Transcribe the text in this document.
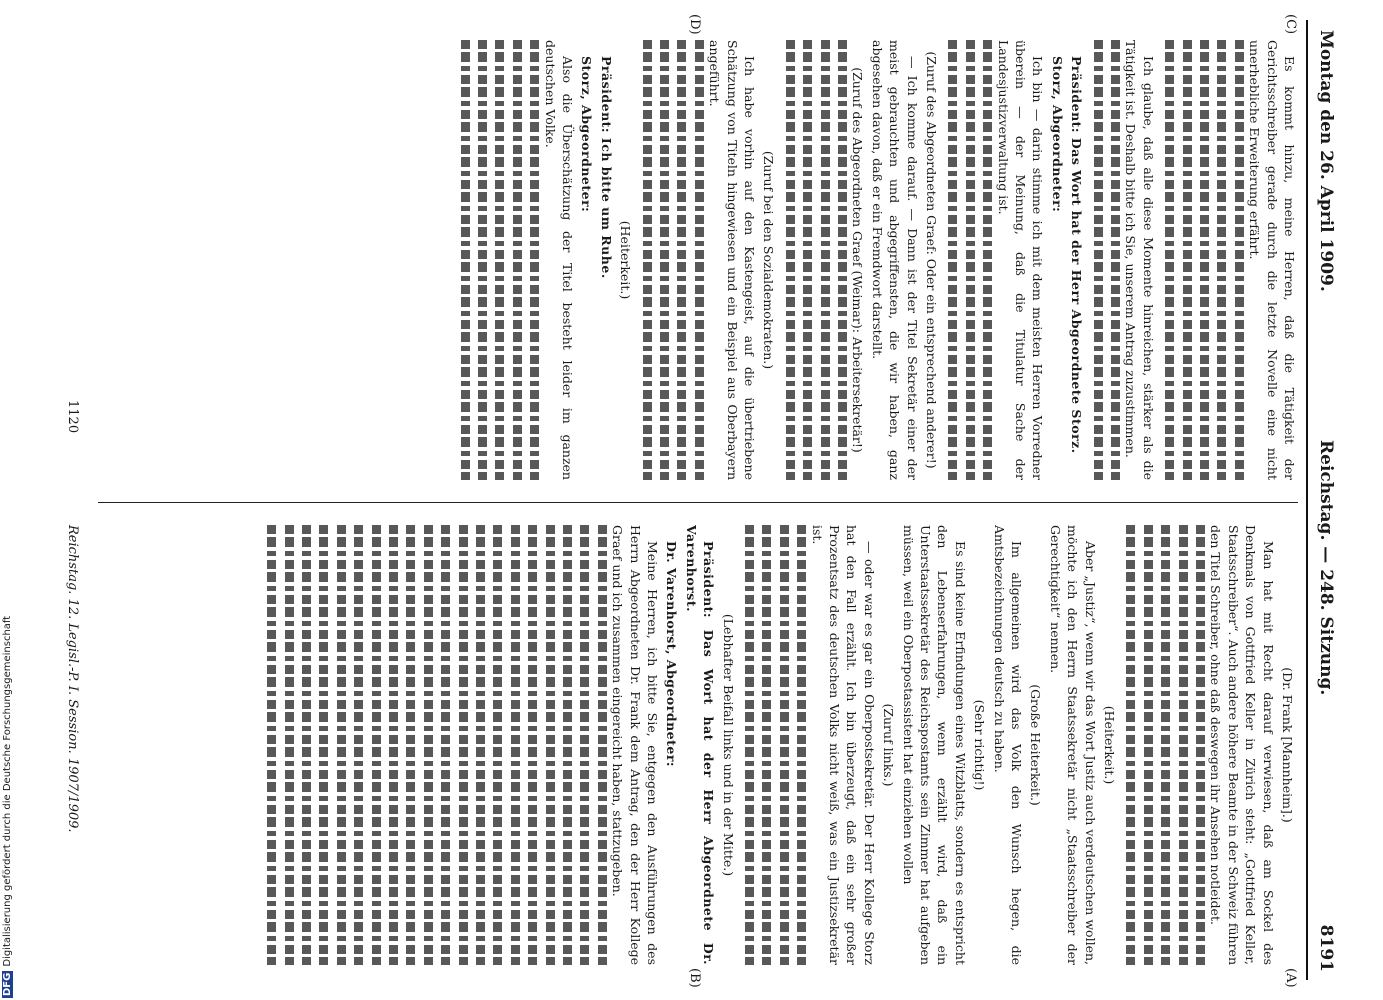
Montag den 26. April 1909.
Reichstag. — 248. Sitzung.
8191
(A)
(B)
(C)
(D)

(Dr. Frank [Mannheim].)

Man hat mit Recht darauf verwiesen, daß am Sockel des Denkmals von Gottfried Keller in Zürich steht: „Gottfried Keller, Staatsschreiber“. Auch andere höhere Beamte in der Schweiz führen den Titel Schreiber, ohne daß deswegen ihr Ansehen notleidet.

(Heiterkeit.)

Aber „Justiz“, wenn wir das Wort Justiz auch verdeutschen wollen, möchte ich den Herrn Staatssekretär nicht „Staatsschreiber der Gerechtigkeit“ nennen.

(Große Heiterkeit.)

Im allgemeinen wird das Volk den Wunsch hegen, die Amtsbezeichnungen deutsch zu haben.

(Sehr richtig!)

Es sind keine Erfindungen eines Witzblatts, sondern es entspricht den Lebenserfahrungen, wenn erzählt wird, daß ein Unterstaatssekretär des Reichspostamts sein Zimmer hat aufgeben müssen, weil ein Oberpostassistent hat einziehen wollen

(Zuruf links.)

— oder war es gar ein Oberpostsekretär. Der Herr Kollege Storz hat den Fall erzählt. Ich bin überzeugt, daß ein sehr großer Prozentsatz des deutschen Volks nicht weiß, was ein Justizsekretär ist.

(Lebhafter Beifall links und in der Mitte.)

Präsident: Das Wort hat der Herr Abgeordnete Dr. Varenhorst.

Dr. Varenhorst, Abgeordneter:

Meine Herren, ich bitte Sie, entgegen den Ausführungen des Herrn Abgeordneten Dr. Frank dem Antrag, den der Herr Kollege Graef und ich zusammen eingereicht haben, stattzugeben.

Es kommt hinzu, meine Herren, daß die Tätigkeit der Gerichtsschreiber gerade durch die letzte Novelle eine nicht unerhebliche Erweiterung erfährt.

Ich glaube, daß alle diese Momente hinreichen, stärker als die Tätigkeit ist. Deshalb bitte ich Sie, unserem Antrag zuzustimmen.

Präsident: Das Wort hat der Herr Abgeordnete Storz.

Storz, Abgeordneter:

Ich bin — darin stimme ich mit dem meisten Herren Vorredner überein — der Meinung, daß die Titulatur Sache der Landesjustizverwaltung ist.

(Zuruf des Abgeordneten Graef: Oder ein entsprechend anderer!)

— Ich komme darauf. — Dann ist der Titel Sekretär einer der meist gebrauchten und abgegriffensten, die wir haben, ganz abgesehen davon, daß er ein Fremdwort darstellt.

(Zuruf des Abgeordneten Graef (Weimar): Arbeitersekretär!)

(Zuruf bei den Sozialdemokraten.)

Ich habe vorhin auf den Kastengeist, auf die übertriebene Schätzung von Titeln hingewiesen und ein Beispiel aus Oberbayern angeführt.

(Heiterkeit.)

Präsident: Ich bitte um Ruhe.

Storz, Abgeordneter:

Also die Überschätzung der Titel besteht leider im ganzen deutschen Volke.

Reichstag. 12. Legisl.-P. I. Session. 1907/1909.
1120
DFGDigitalisierung gefördert durch die Deutsche Forschungsgemeinschaft
